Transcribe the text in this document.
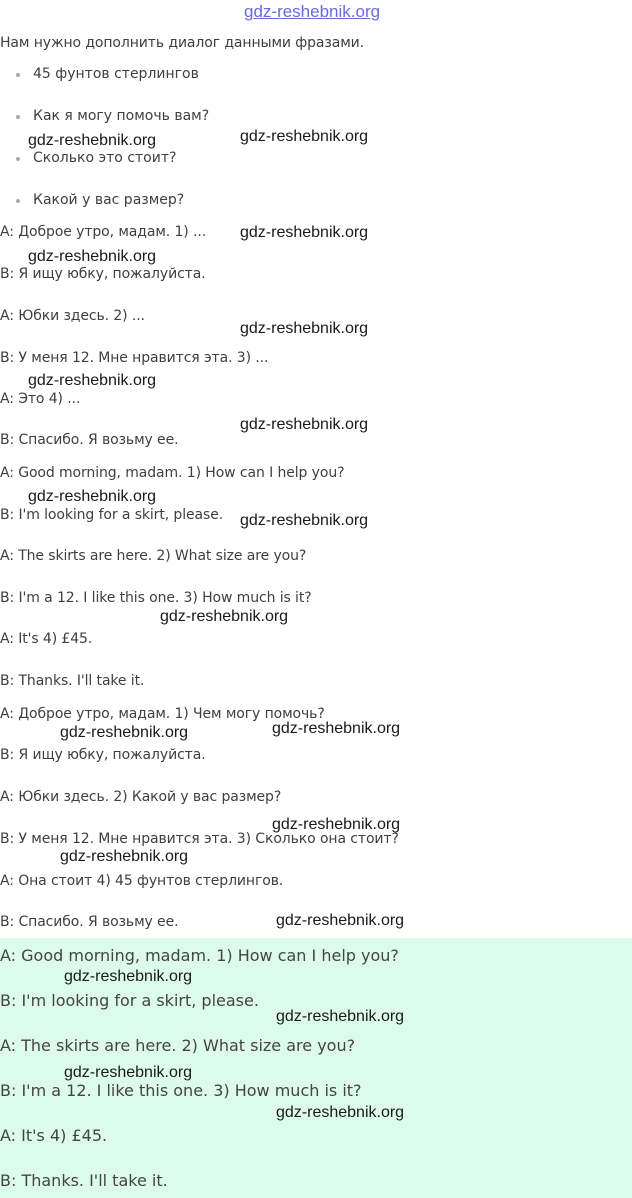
gdz-reshebnik.org
Нам нужно дополнить диалог данными фразами.
45 фунтов стерлингов
Как я могу помочь вам?
Сколько это стоит?
Какой у вас размер?
A: Доброе утро, мадам. 1) ...
B: Я ищу юбку, пожалуйста.
A: Юбки здесь. 2) ...
B: У меня 12. Мне нравится эта. 3) ...
A: Это 4) ...
B: Спасибо. Я возьму ее.
A: Good morning, madam. 1) How can I help you?
B: I'm looking for a skirt, please.
A: The skirts are here. 2) What size are you?
B: I'm a 12. I like this one. 3) How much is it?
A: It's 4) £45.
B: Thanks. I'll take it.
A: Доброе утро, мадам. 1) Чем могу помочь?
B: Я ищу юбку, пожалуйста.
A: Юбки здесь. 2) Какой у вас размер?
B: У меня 12. Мне нравится эта. 3) Сколько она стоит?
A: Она стоит 4) 45 фунтов стерлингов.
B: Спасибо. Я возьму ее.
A: Good morning, madam. 1) How can I help you?
B: I'm looking for a skirt, please.
A: The skirts are here. 2) What size are you?
B: I'm a 12. I like this one. 3) How much is it?
A: It's 4) £45.
B: Thanks. I'll take it.
gdz-reshebnik.org	gdz-reshebnik.org
gdz-reshebnik.org
gdz-reshebnik.org
gdz-reshebnik.org
gdz-reshebnik.org
gdz-reshebnik.org
gdz-reshebnik.org
gdz-reshebnik.org
gdz-reshebnik.org
gdz-reshebnik.org	gdz-reshebnik.org
gdz-reshebnik.org
gdz-reshebnik.org
gdz-reshebnik.org
gdz-reshebnik.org
gdz-reshebnik.org
gdz-reshebnik.org
gdz-reshebnik.org
